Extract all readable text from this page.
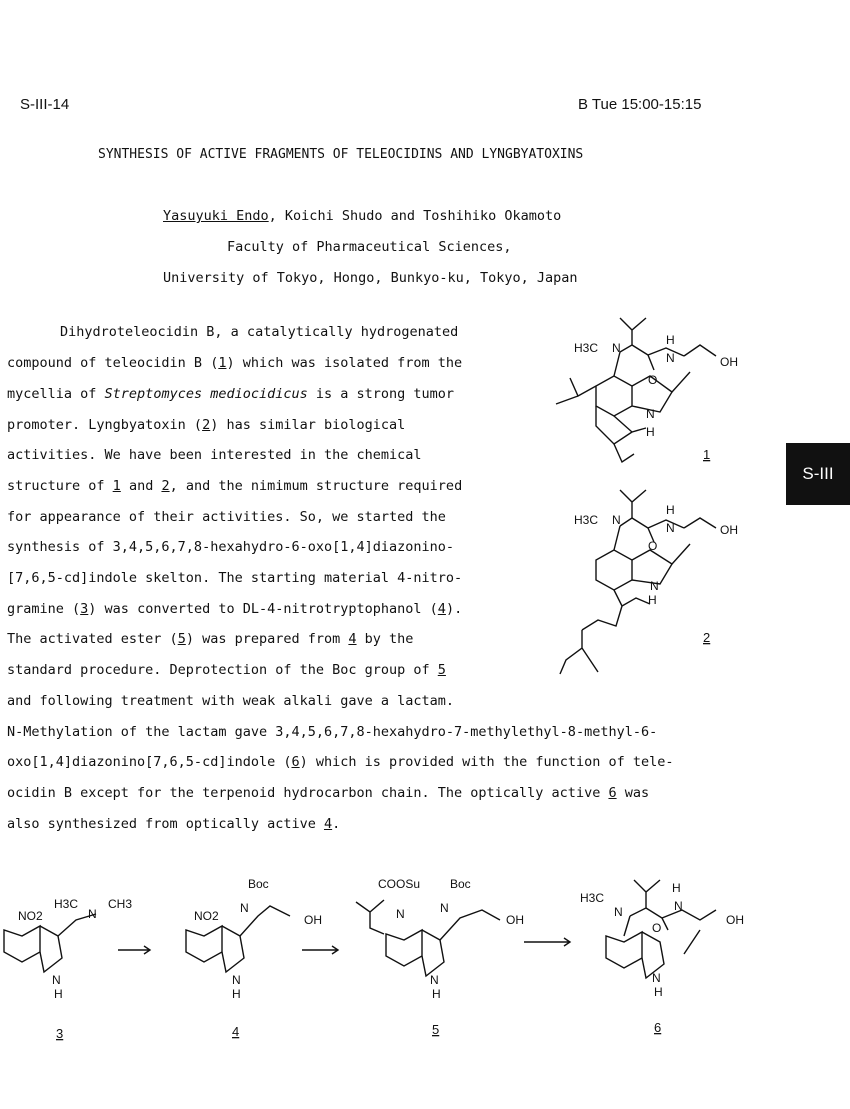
S-III-14	B Tue 15:00-15:15
SYNTHESIS OF ACTIVE FRAGMENTS OF TELEOCIDINS AND LYNGBYATOXINS
Yasuyuki Endo, Koichi Shudo and Toshihiko Okamoto
Faculty of Pharmaceutical Sciences,
University of Tokyo, Hongo, Bunkyo-ku, Tokyo, Japan
S-III
Dihydroteleocidin B, a catalytically hydrogenated
compound of teleocidin B (1) which was isolated from the
mycellia of Streptomyces mediocidicus is a strong tumor
promoter. Lyngbyatoxin (2) has similar biological
activities. We have been interested in the chemical
structure of 1 and 2, and the nimimum structure required
for appearance of their activities. So, we started the
synthesis of 3,4,5,6,7,8-hexahydro-6-oxo[1,4]diazonino-
[7,6,5-cd]indole skelton. The starting material 4-nitro-
gramine (3) was converted to DL-4-nitrotryptophanol (4).
The activated ester (5) was prepared from 4 by the
standard procedure. Deprotection of the Boc group of 5
and following treatment with weak alkali gave a lactam.
N-Methylation of the lactam gave 3,4,5,6,7,8-hexahydro-7-methylethyl-8-methyl-6-
oxo[1,4]diazonino[7,6,5-cd]indole (6) which is provided with the function of tele-
ocidin B except for the terpenoid hydrocarbon chain. The optically active 6 was
also synthesized from optically active 4.
H3C N
H
N
O
OH
N
H
1
H3C N
H
N
O
OH
N
H
2
NO2
H3C
N
CH3
N
H
3
NO2
Boc
N
OH
N
H
4
COOSu
N
Boc
N
OH
N
H
5
H3C
N
H
N
O
OH
N
H
6
